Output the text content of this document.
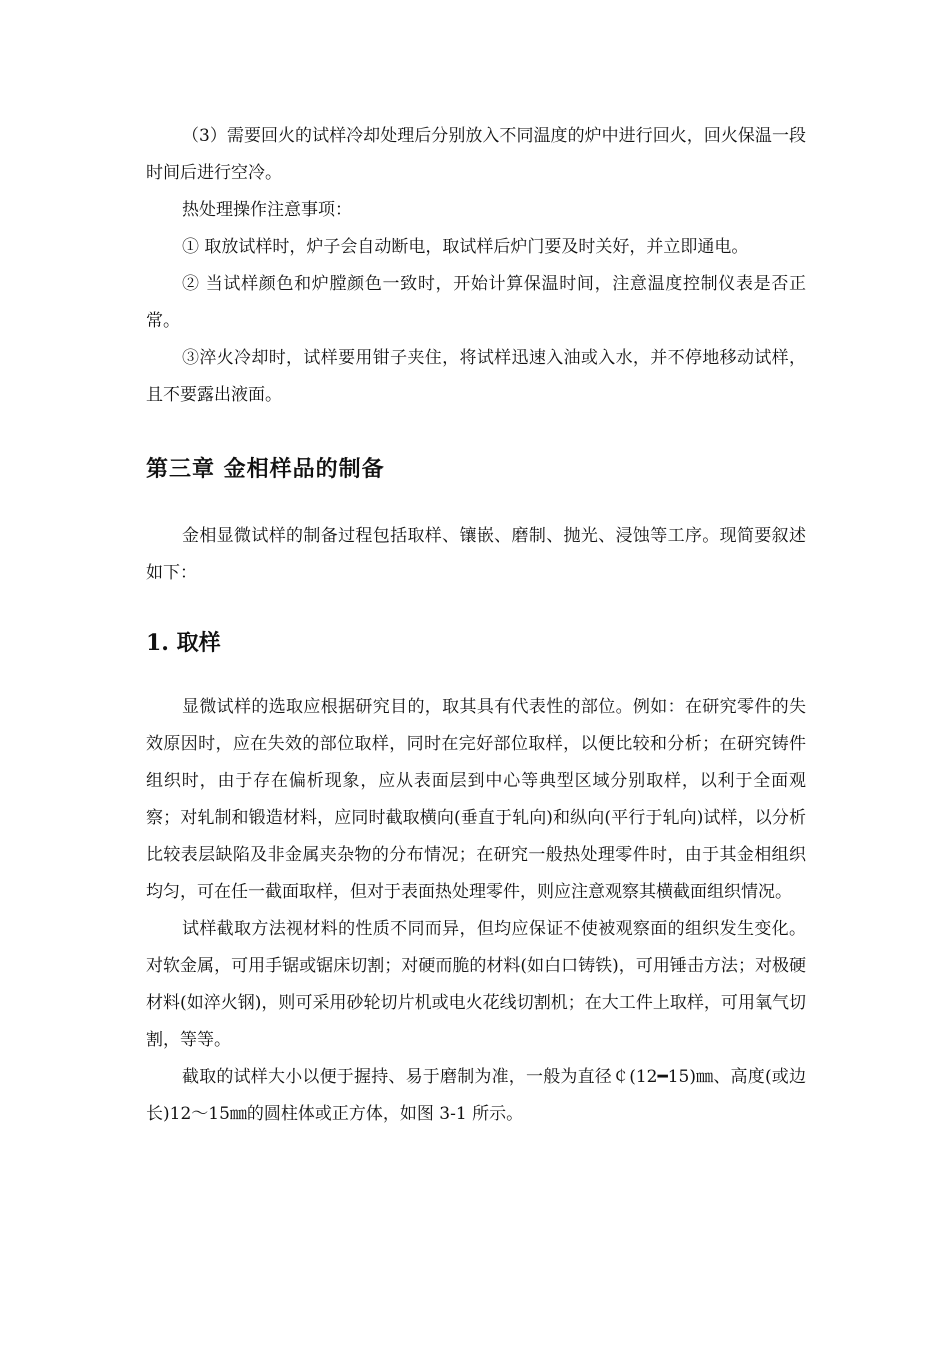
（3）需要回火的试样冷却处理后分别放入不同温度的炉中进行回火，回火保温一段时间后进行空冷。

热处理操作注意事项：

① 取放试样时，炉子会自动断电，取试样后炉门要及时关好，并立即通电。

② 当试样颜色和炉膛颜色一致时，开始计算保温时间，注意温度控制仪表是否正常。

③淬火冷却时，试样要用钳子夹住，将试样迅速入油或入水，并不停地移动试样，且不要露出液面。

第三章 金相样品的制备

金相显微试样的制备过程包括取样、镶嵌、磨制、抛光、浸蚀等工序。现简要叙述如下：

1. 取样

显微试样的选取应根据研究目的，取其具有代表性的部位。例如：在研究零件的失效原因时，应在失效的部位取样，同时在完好部位取样，以便比较和分析；在研究铸件组织时，由于存在偏析现象，应从表面层到中心等典型区域分别取样，以利于全面观察；对轧制和锻造材料，应同时截取横向(垂直于轧向)和纵向(平行于轧向)试样，以分析比较表层缺陷及非金属夹杂物的分布情况；在研究一般热处理零件时，由于其金相组织均匀，可在任一截面取样，但对于表面热处理零件，则应注意观察其横截面组织情况。

试样截取方法视材料的性质不同而异，但均应保证不使被观察面的组织发生变化。对软金属，可用手锯或锯床切割；对硬而脆的材料(如白口铸铁)，可用锤击方法；对极硬材料(如淬火钢)，则可采用砂轮切片机或电火花线切割机；在大工件上取样，可用氧气切割，等等。

截取的试样大小以便于握持、易于磨制为准，一般为直径￠(12━15)㎜、高度(或边长)12～15㎜的圆柱体或正方体，如图 3-1 所示。
